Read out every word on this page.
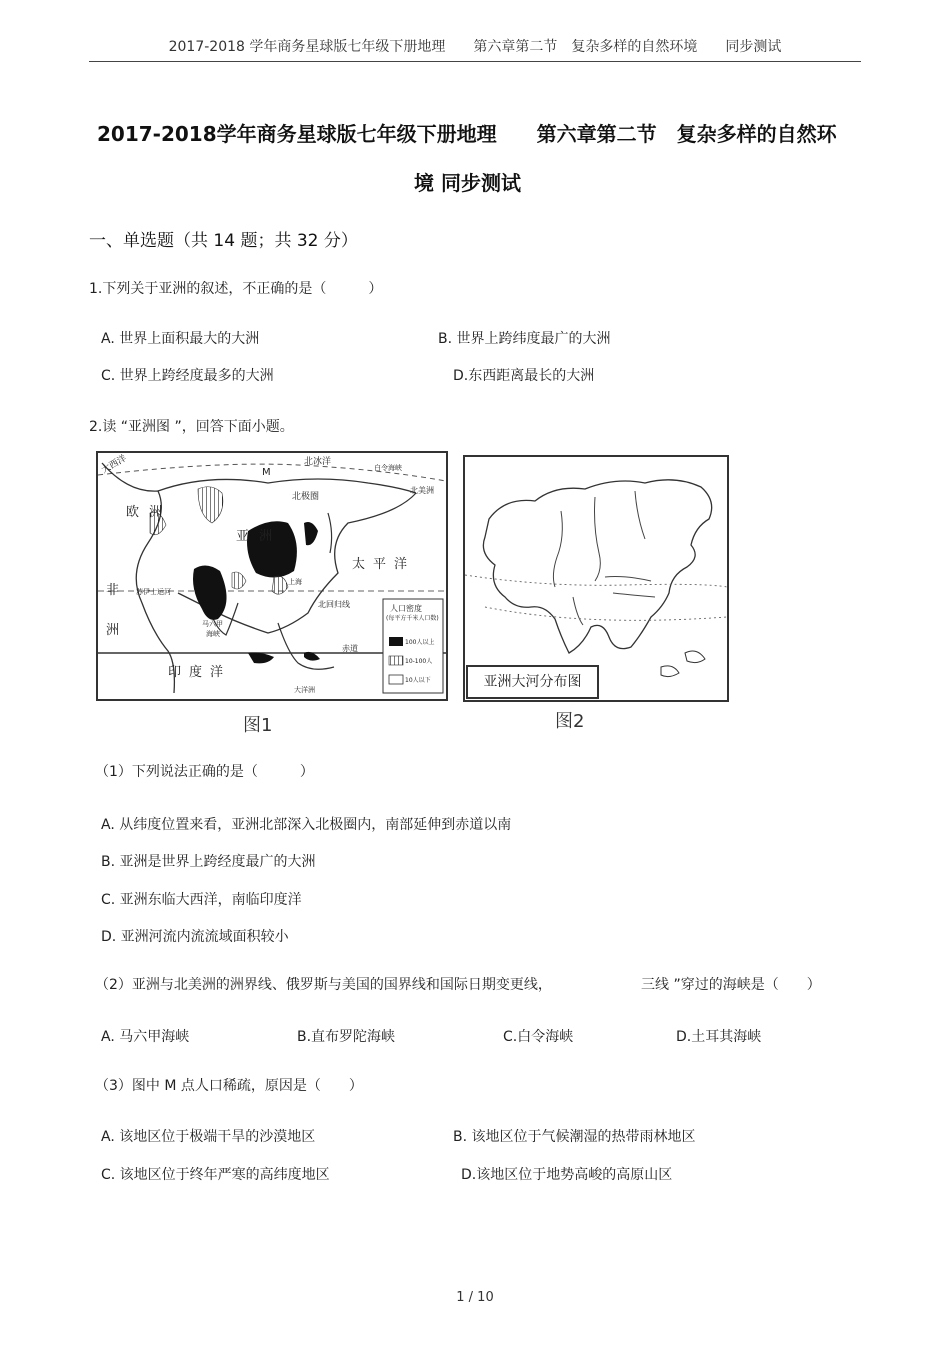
2017-2018 学年商务星球版七年级下册地理　　第六章第二节　复杂多样的自然环境　　同步测试
2017-2018学年商务星球版七年级下册地理　　第六章第二节　复杂多样的自然环
境 同步测试
一、单选题（共 14 题；共 32 分）
1.下列关于亚洲的叙述，不正确的是（　　　）
A. 世界上面积最大的大洲	B. 世界上跨纬度最广的大洲
C. 世界上跨经度最多的大洲	D.东西距离最长的大洲
2.读 “亚洲图 ”，回答下面小题。
大西洋	北冰洋
M	白令海峡
北美洲
北极圈
欧洲
亚洲
太平洋
上海
非
洲
苏伊士运河
北回归线
马六甲
海峡
赤道
印度洋
大洋洲
人口密度
(每平方千米人口数)
100人以上
10-100人
10人以下
图1
亚洲大河分布图
图2
（1）下列说法正确的是（　　　）
A. 从纬度位置来看，亚洲北部深入北极圈内，南部延伸到赤道以南
B. 亚洲是世界上跨经度最广的大洲
C. 亚洲东临大西洋，南临印度洋
D. 亚洲河流内流流域面积较小
（2）亚洲与北美洲的洲界线、俄罗斯与美国的国界线和国际日期变更线，	三线 ”穿过的海峡是（　　）
A. 马六甲海峡	B.直布罗陀海峡	C.白令海峡	D.土耳其海峡
（3）图中 M 点人口稀疏，原因是（　　）
A. 该地区位于极端干旱的沙漠地区	B. 该地区位于气候潮湿的热带雨林地区
C. 该地区位于终年严寒的高纬度地区	D.该地区位于地势高峻的高原山区
1 / 10
